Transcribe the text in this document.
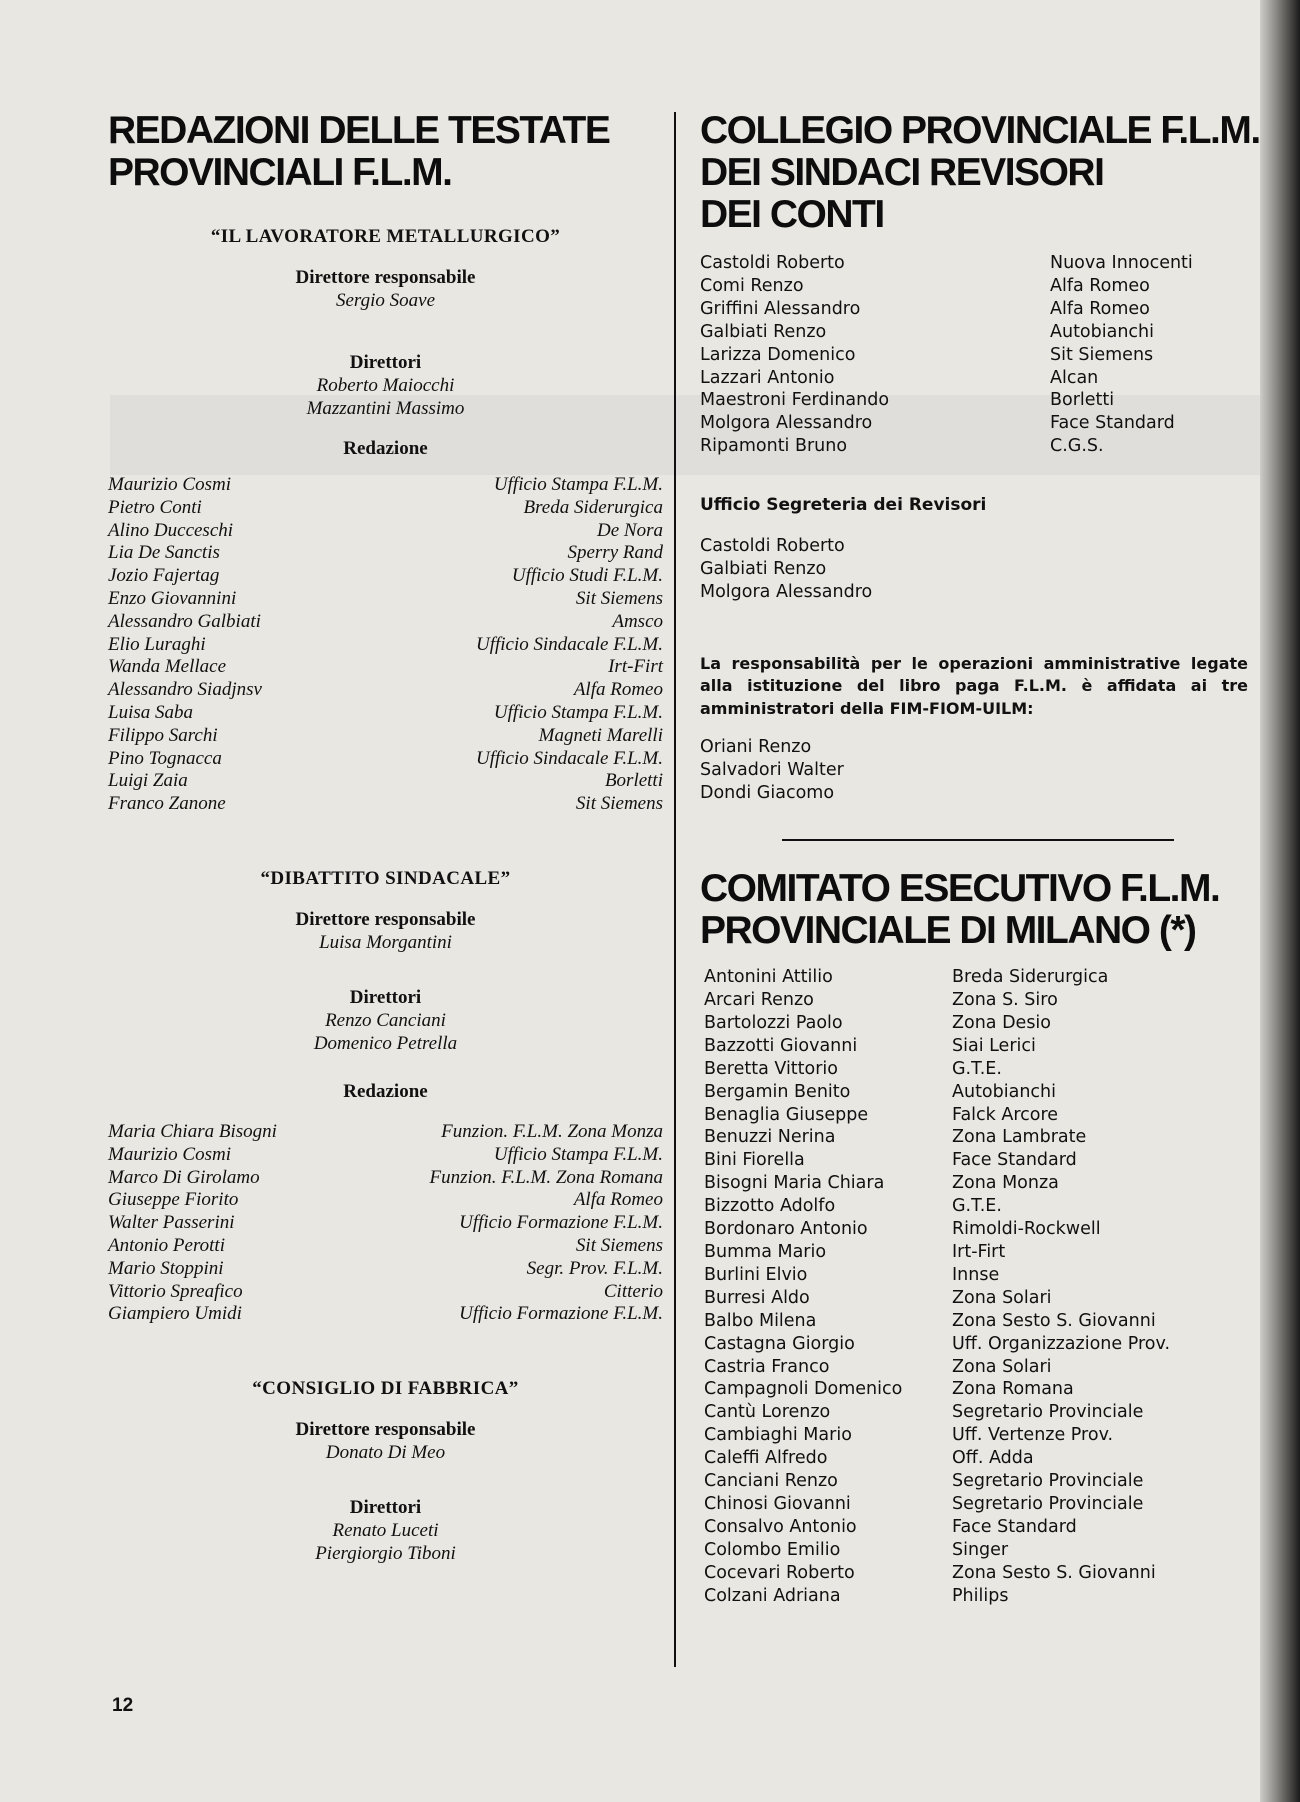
REDAZIONI DELLE TESTATE
PROVINCIALI F.L.M.
“IL LAVORATORE METALLURGICO”
Direttore responsabile
Sergio Soave
Direttori
Roberto Maiocchi
Mazzantini Massimo
Redazione
Maurizio Cosmi	Ufficio Stampa F.L.M.
Pietro Conti	Breda Siderurgica
Alino Ducceschi	De Nora
Lia De Sanctis	Sperry Rand
Jozio Fajertag	Ufficio Studi F.L.M.
Enzo Giovannini	Sit Siemens
Alessandro Galbiati	Amsco
Elio Luraghi	Ufficio Sindacale F.L.M.
Wanda Mellace	Irt-Firt
Alessandro Siadjnsv	Alfa Romeo
Luisa Saba	Ufficio Stampa F.L.M.
Filippo Sarchi	Magneti Marelli
Pino Tognacca	Ufficio Sindacale F.L.M.
Luigi Zaia	Borletti
Franco Zanone	Sit Siemens
“DIBATTITO SINDACALE”
Direttore responsabile
Luisa Morgantini
Direttori
Renzo Canciani
Domenico Petrella
Redazione
Maria Chiara Bisogni	Funzion. F.L.M. Zona Monza
Maurizio Cosmi	Ufficio Stampa F.L.M.
Marco Di Girolamo	Funzion. F.L.M. Zona Romana
Giuseppe Fiorito	Alfa Romeo
Walter Passerini	Ufficio Formazione F.L.M.
Antonio Perotti	Sit Siemens
Mario Stoppini	Segr. Prov. F.L.M.
Vittorio Spreafico	Citterio
Giampiero Umidi	Ufficio Formazione F.L.M.
“CONSIGLIO DI FABBRICA”
Direttore responsabile
Donato Di Meo
Direttori
Renato Luceti
Piergiorgio Tiboni
COLLEGIO PROVINCIALE F.L.M.
DEI SINDACI REVISORI
DEI CONTI
Castoldi Roberto	Nuova Innocenti
Comi Renzo	Alfa Romeo
Griffini Alessandro	Alfa Romeo
Galbiati Renzo	Autobianchi
Larizza Domenico	Sit Siemens
Lazzari Antonio	Alcan
Maestroni Ferdinando	Borletti
Molgora Alessandro	Face Standard
Ripamonti Bruno	C.G.S.
Ufficio Segreteria dei Revisori
Castoldi Roberto
Galbiati Renzo
Molgora Alessandro
La responsabilità per le operazioni amministrative legate alla istituzione del libro paga F.L.M. è affidata ai tre amministratori della FIM-FIOM-UILM:
Oriani Renzo
Salvadori Walter
Dondi Giacomo
COMITATO ESECUTIVO F.L.M.
PROVINCIALE DI MILANO (*)
Antonini Attilio	Breda Siderurgica
Arcari Renzo	Zona S. Siro
Bartolozzi Paolo	Zona Desio
Bazzotti Giovanni	Siai Lerici
Beretta Vittorio	G.T.E.
Bergamin Benito	Autobianchi
Benaglia Giuseppe	Falck Arcore
Benuzzi Nerina	Zona Lambrate
Bini Fiorella	Face Standard
Bisogni Maria Chiara	Zona Monza
Bizzotto Adolfo	G.T.E.
Bordonaro Antonio	Rimoldi-Rockwell
Bumma Mario	Irt-Firt
Burlini Elvio	Innse
Burresi Aldo	Zona Solari
Balbo Milena	Zona Sesto S. Giovanni
Castagna Giorgio	Uff. Organizzazione Prov.
Castria Franco	Zona Solari
Campagnoli Domenico	Zona Romana
Cantù Lorenzo	Segretario Provinciale
Cambiaghi Mario	Uff. Vertenze Prov.
Caleffi Alfredo	Off. Adda
Canciani Renzo	Segretario Provinciale
Chinosi Giovanni	Segretario Provinciale
Consalvo Antonio	Face Standard
Colombo Emilio	Singer
Cocevari Roberto	Zona Sesto S. Giovanni
Colzani Adriana	Philips
12
